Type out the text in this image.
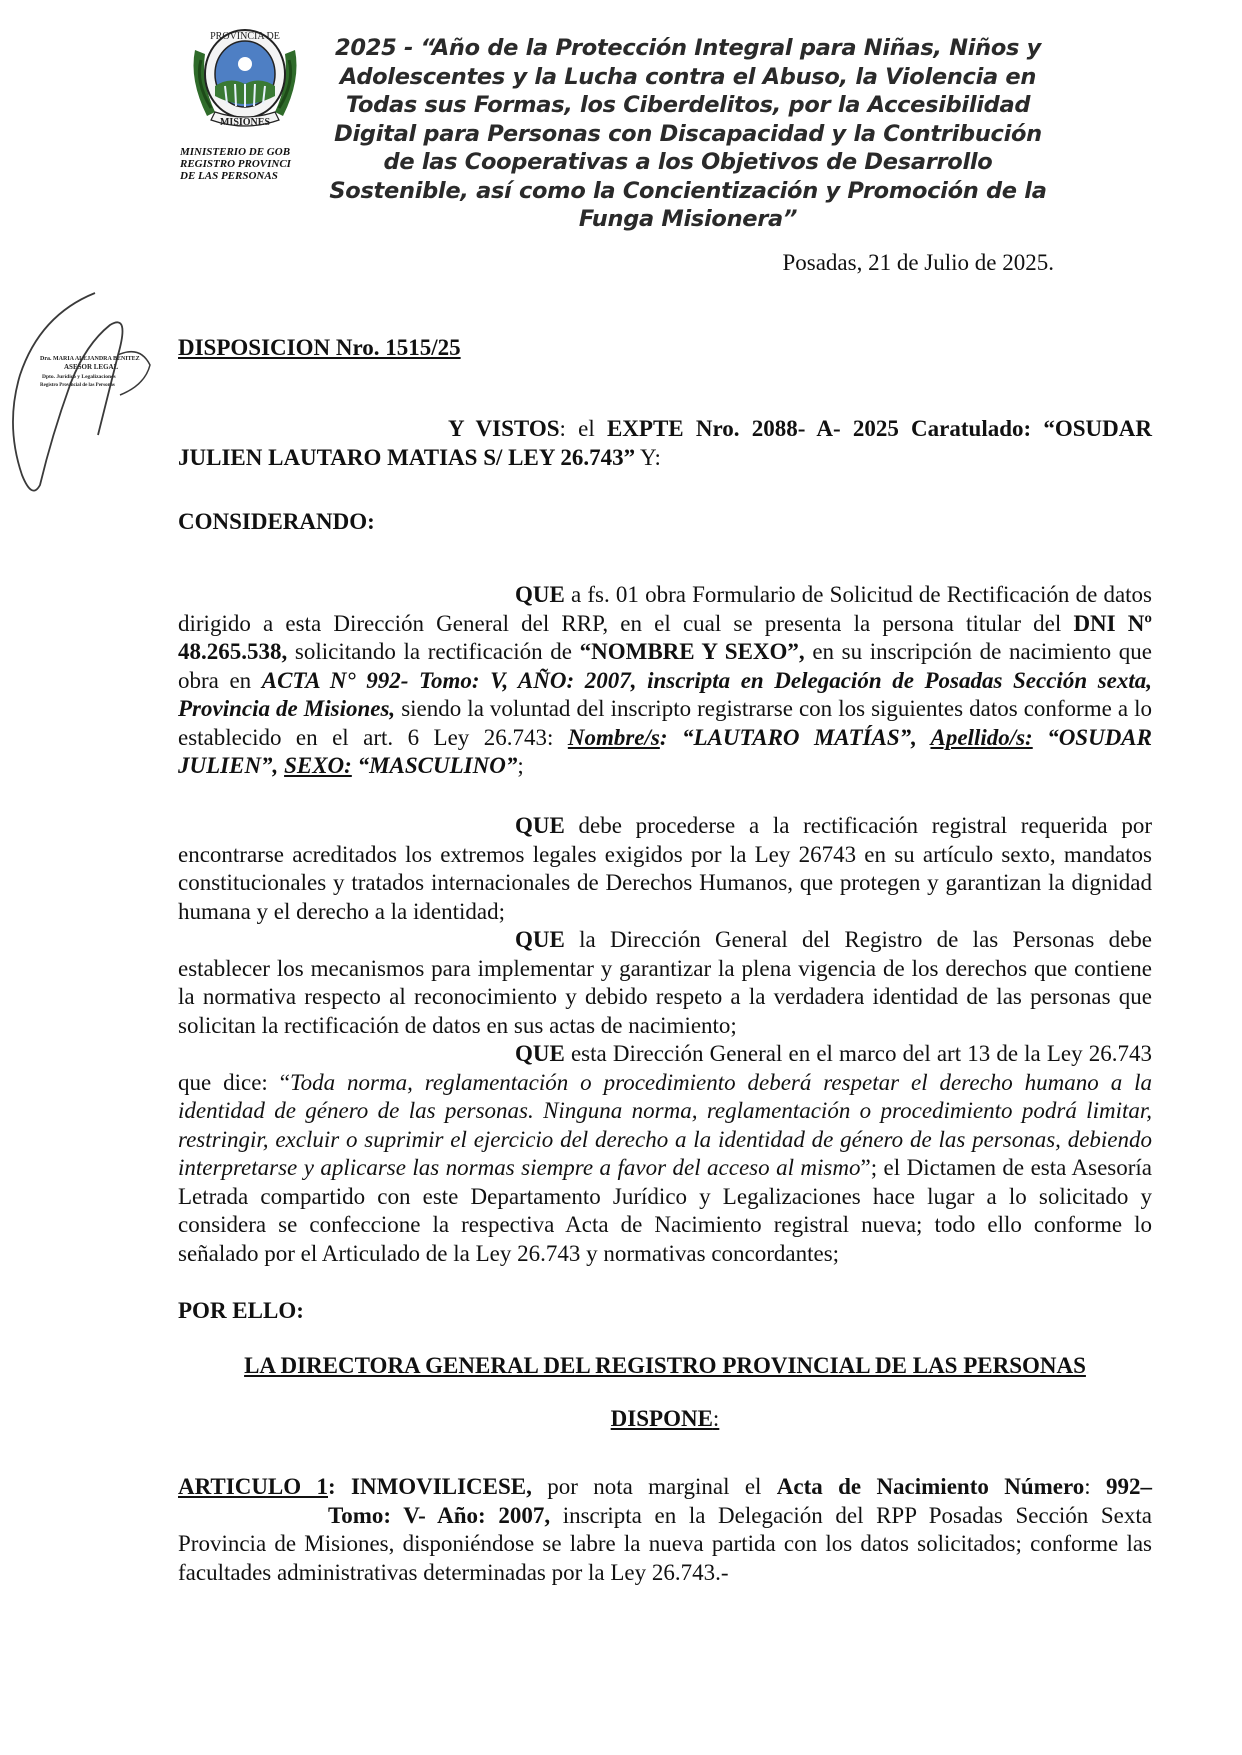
PROVINCIA DE
MISIONES
MINISTERIO DE GOB
REGISTRO PROVINCI
DE LAS PERSONAS
2025 - “Año de la Protección Integral para Niñas, Niños y Adolescentes y la Lucha contra el Abuso, la Violencia en Todas sus Formas, los Ciberdelitos, por la Accesibilidad Digital para Personas con Discapacidad y la Contribución de las Cooperativas a los Objetivos de Desarrollo Sostenible, así como la Concientización y Promoción de la Funga Misionera”
Posadas, 21 de Julio de 2025.
Dra. MARIA ALEJANDRA BENITEZ
ASESOR LEGAL
Dpto. Jurídico y Legalizaciones
Registro Provincial de las Personas
DISPOSICION Nro. 1515/25
Y VISTOS: el EXPTE Nro. 2088- A- 2025 Caratulado: “OSUDAR JULIEN LAUTARO MATIAS S/ LEY 26.743” Y:
CONSIDERANDO:
QUE a fs. 01 obra Formulario de Solicitud de Rectificación de datos dirigido a esta Dirección General del RRP, en el cual se presenta la persona titular del DNI Nº 48.265.538, solicitando la rectificación de “NOMBRE Y SEXO”, en su inscripción de nacimiento que obra en ACTA N° 992- Tomo: V, AÑO: 2007, inscripta en Delegación de Posadas Sección sexta, Provincia de Misiones, siendo la voluntad del inscripto registrarse con los siguientes datos conforme a lo establecido en el art. 6 Ley 26.743: Nombre/s: “LAUTARO MATÍAS”, Apellido/s: “OSUDAR JULIEN”, SEXO: “MASCULINO”;
QUE debe procederse a la rectificación registral requerida por encontrarse acreditados los extremos legales exigidos por la Ley 26743 en su artículo sexto, mandatos constitucionales y tratados internacionales de Derechos Humanos, que protegen y garantizan la dignidad humana y el derecho a la identidad;
QUE la Dirección General del Registro de las Personas debe establecer los mecanismos para implementar y garantizar la plena vigencia de los derechos que contiene la normativa respecto al reconocimiento y debido respeto a la verdadera identidad de las personas que solicitan la rectificación de datos en sus actas de nacimiento;
QUE esta Dirección General en el marco del art 13 de la Ley 26.743 que dice: “Toda norma, reglamentación o procedimiento deberá respetar el derecho humano a la identidad de género de las personas. Ninguna norma, reglamentación o procedimiento podrá limitar, restringir, excluir o suprimir el ejercicio del derecho a la identidad de género de las personas, debiendo interpretarse y aplicarse las normas siempre a favor del acceso al mismo”; el Dictamen de esta Asesoría Letrada compartido con este Departamento Jurídico y Legalizaciones hace lugar a lo solicitado y considera se confeccione la respectiva Acta de Nacimiento registral nueva; todo ello conforme lo señalado por el Articulado de la Ley 26.743 y normativas concordantes;
POR ELLO:
LA DIRECTORA GENERAL DEL REGISTRO PROVINCIAL DE LAS PERSONAS
DISPONE:
ARTICULO 1: INMOVILICESE, por nota marginal el Acta de Nacimiento Número: 992– Tomo: V- Año: 2007, inscripta en la Delegación del RPP Posadas Sección Sexta Provincia de Misiones, disponiéndose se labre la nueva partida con los datos solicitados; conforme las facultades administrativas determinadas por la Ley 26.743.-
